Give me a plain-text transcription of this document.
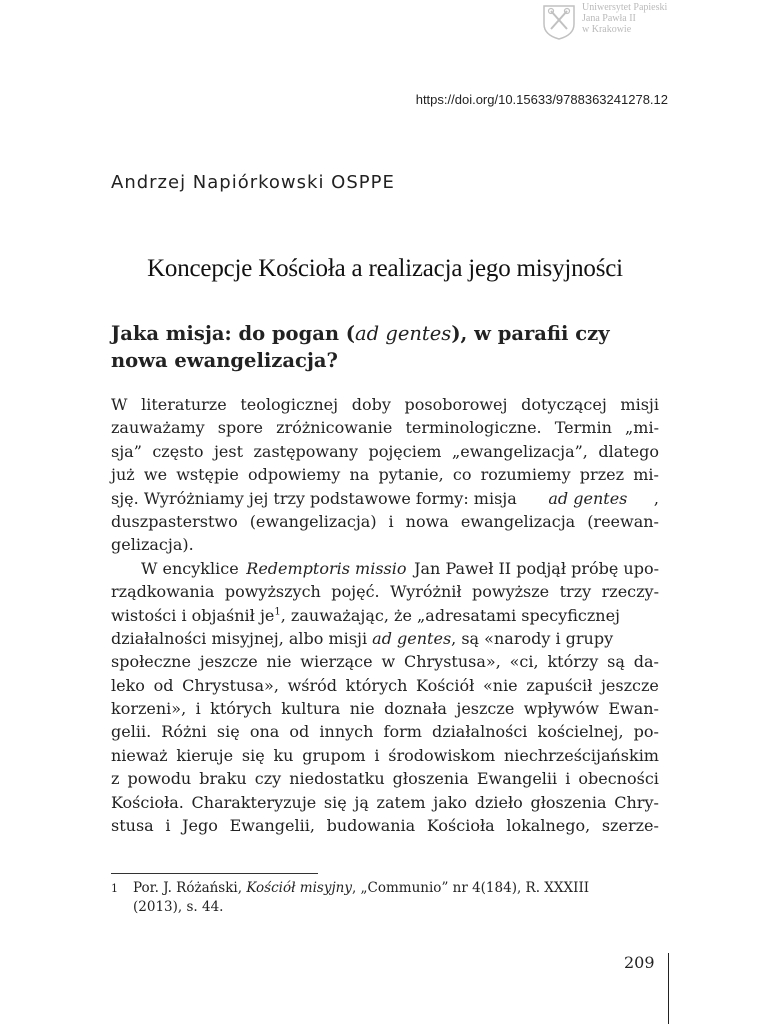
Uniwersytet Papieski
Jana Pawła II
w Krakowie
https://doi.org/10.15633/9788363241278.12
Andrzej Napiórkowski OSPPE
Koncepcje Kościoła a realizacja jego misyjności
Jaka misja: do pogan (ad gentes), w parafii czy
nowa ewangelizacja?
W literaturze teologicznej doby posoborowej dotyczącej misji
zauważamy spore zróżnicowanie terminologiczne. Termin „mi-
sja” często jest zastępowany pojęciem „ewangelizacja”, dlatego
już we wstępie odpowiemy na pytanie, co rozumiemy przez mi-
sję. Wyróżniamy jej trzy podstawowe formy: misja ad gentes ,
duszpasterstwo (ewangelizacja) i nowa ewangelizacja (reewan-
gelizacja).
W encyklice Redemptoris missio Jan Paweł II podjął próbę upo-
rządkowania powyższych pojęć. Wyróżnił powyższe trzy rzeczy-
wistości i objaśnił $je^1$, zauważając, że „adresatami specyficznej
działalności misyjnej, albo misji ad gentes, są «narody i grupy
społeczne jeszcze nie wierzące w Chrystusa», «ci, którzy są da-
leko od Chrystusa», wśród których Kościół «nie zapuścił jeszcze
korzeni», i których kultura nie doznała jeszcze wpływów Ewan-
gelii. Różni się ona od innych form działalności kościelnej, po-
nieważ kieruje się ku grupom i środowiskom niechrześcijańskim
z powodu braku czy niedostatku głoszenia Ewangelii i obecności
Kościoła. Charakteryzuje się ją zatem jako dzieło głoszenia Chry-
stusa i Jego Ewangelii, budowania Kościoła lokalnego, szerze-
1 Por. J. Różański, Kościół misyjny, „Communio” nr 4(184), R. XXXIII
(2013), s. 44.
209
